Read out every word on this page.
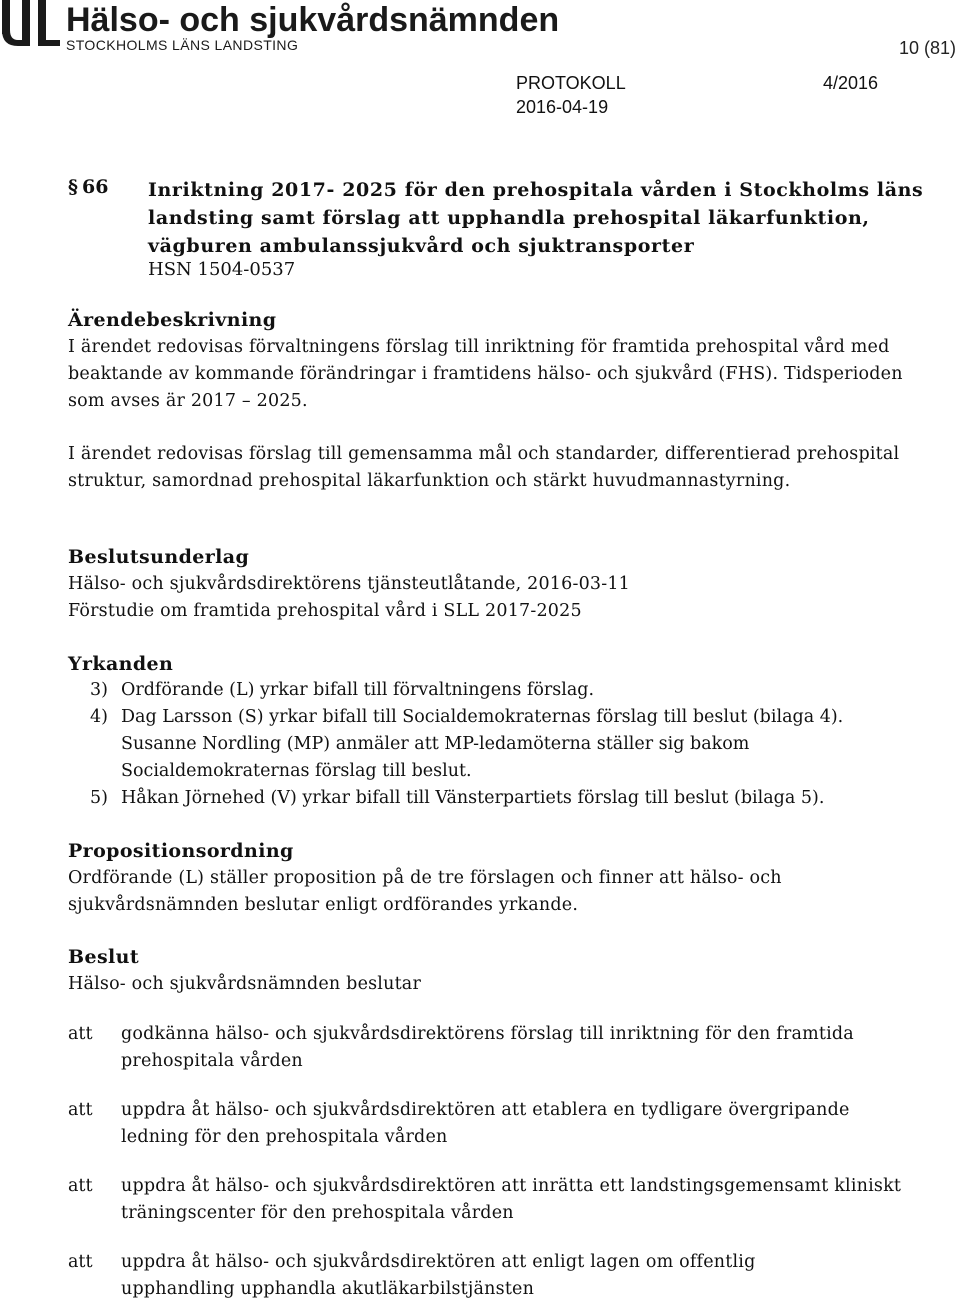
Hälso- och sjukvårdsnämnden
STOCKHOLMS LÄNS LANDSTING	10 (81)
PROTOKOLL	4/2016
2016-04-19
§ 66 Inriktning 2017- 2025 för den prehospitala vården i Stockholms läns landsting samt förslag att upphandla prehospital läkarfunktion, vägburen ambulanssjukvård och sjuktransporter
HSN 1504-0537

Ärendebeskrivning

I ärendet redovisas förvaltningens förslag till inriktning för framtida prehospital vård med beaktande av kommande förändringar i framtidens hälso- och sjukvård (FHS). Tidsperioden som avses är 2017 – 2025.

I ärendet redovisas förslag till gemensamma mål och standarder, differentierad prehospital struktur, samordnad prehospital läkarfunktion och stärkt huvudmannastyrning.

Beslutsunderlag

Hälso- och sjukvårdsdirektörens tjänsteutlåtande, 2016-03-11

Förstudie om framtida prehospital vård i SLL 2017-2025

Yrkanden

3) Ordförande (L) yrkar bifall till förvaltningens förslag.
4) Dag Larsson (S) yrkar bifall till Socialdemokraternas förslag till beslut (bilaga 4). Susanne Nordling (MP) anmäler att MP-ledamöterna ställer sig bakom Socialdemokraternas förslag till beslut.
5) Håkan Jörnehed (V) yrkar bifall till Vänsterpartiets förslag till beslut (bilaga 5).

Propositionsordning

Ordförande (L) ställer proposition på de tre förslagen och finner att hälso- och sjukvårdsnämnden beslutar enligt ordförandes yrkande.

Beslut

Hälso- och sjukvårdsnämnden beslutar

att godkänna hälso- och sjukvårdsdirektörens förslag till inriktning för den framtida prehospitala vården
att uppdra åt hälso- och sjukvårdsdirektören att etablera en tydligare övergripande ledning för den prehospitala vården
att uppdra åt hälso- och sjukvårdsdirektören att inrätta ett landstingsgemensamt kliniskt träningscenter för den prehospitala vården
att uppdra åt hälso- och sjukvårdsdirektören att enligt lagen om offentlig upphandling upphandla akutläkarbilstjänsten
